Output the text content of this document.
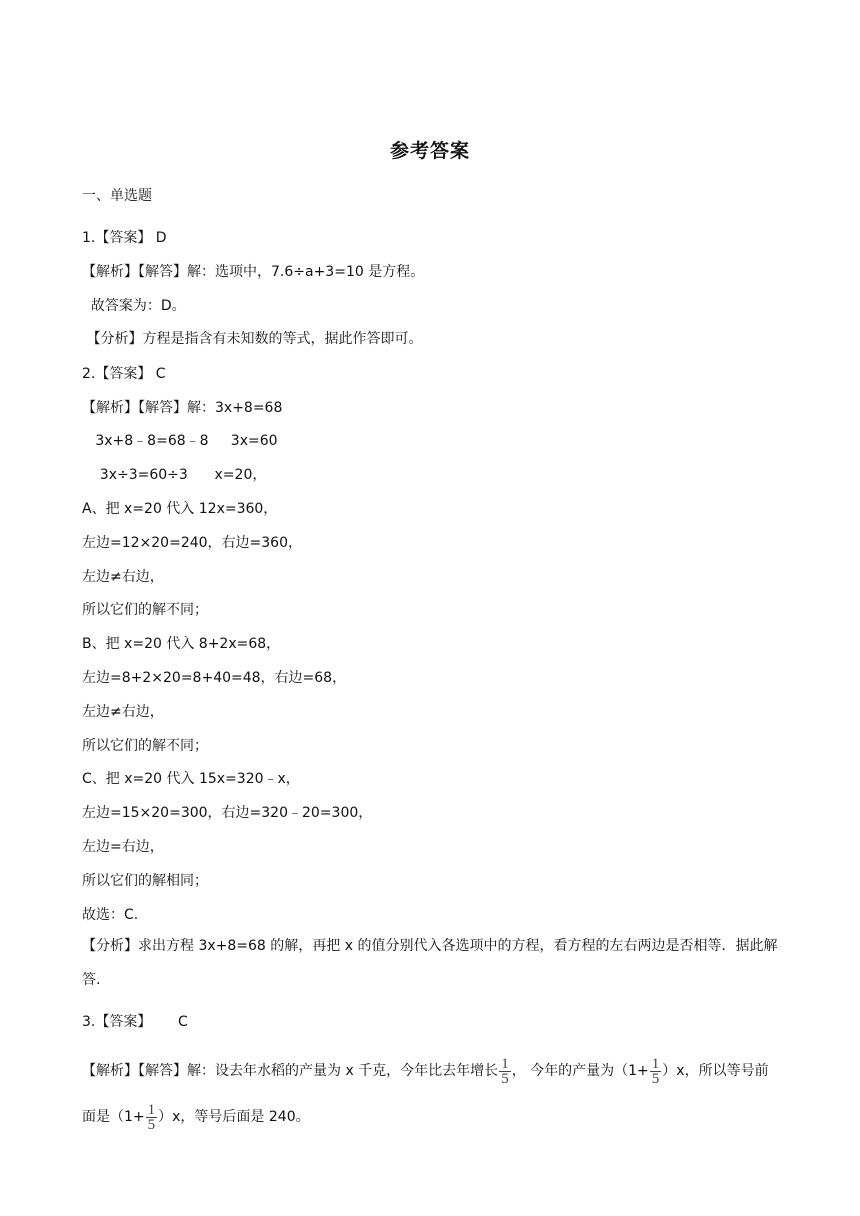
参考答案
一、单选题
1.【答案】 D
【解析】【解答】解：选项中，7.6÷a+3=10 是方程。
故答案为：D。
【分析】方程是指含有未知数的等式，据此作答即可。
2.【答案】 C
【解析】【解答】解：3x+8=68
3x+8﹣8=68﹣8     3x=60
3x÷3=60÷3      x=20，
A、把 x=20 代入 12x=360，
左边=12×20=240，右边=360，
左边≠右边，
所以它们的解不同；
B、把 x=20 代入 8+2x=68，
左边=8+2×20=8+40=48，右边=68，
左边≠右边，
所以它们的解不同；
C、把 x=20 代入 15x=320﹣x，
左边=15×20=300，右边=320﹣20=300，
左边=右边，
所以它们的解相同；
故选：C.
【分析】求出方程 3x+8=68 的解，再把 x 的值分别代入各选项中的方程，看方程的左右两边是否相等．据此解答.
3.【答案】      C
【解析】【解答】解：设去年水稻的产量为 x 千克，今年比去年增长 $\frac{1}{5}$ ， 今年的产量为$(1+ \frac{1}{5} )x$，所以等号前面是$(1+ \frac{1}{5} )x$，等号后面是 240。
